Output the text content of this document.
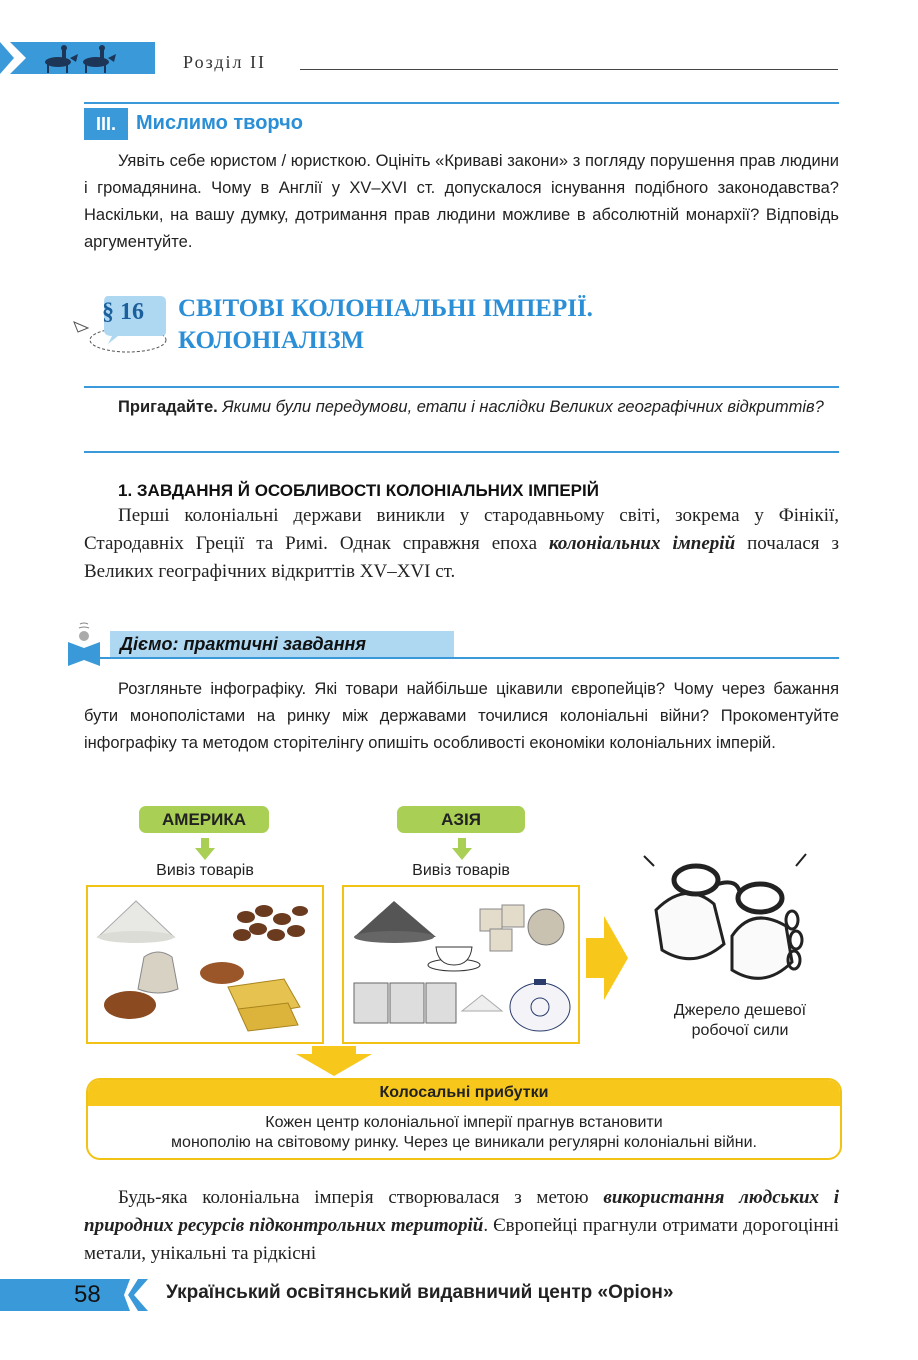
Розділ II
III.	Мислимо творчо
Уявіть себе юристом / юристкою. Оцініть «Криваві закони» з погляду порушення прав людини і громадянина. Чому в Англії у XV–XVI ст. допускалося існування подібного законодавства? Наскільки, на вашу думку, дотримання прав людини можливе в абсолютній монархії? Відповідь аргументуйте.
§ 16 СВІТОВІ КОЛОНІАЛЬНІ ІМПЕРІЇ.
КОЛОНІАЛІЗМ
Пригадайте. Якими були передумови, етапи і наслідки Великих географічних відкриттів?
1. ЗАВДАННЯ Й ОСОБЛИВОСТІ КОЛОНІАЛЬНИХ ІМПЕРІЙ
Перші колоніальні держави виникли у стародавньому світі, зокрема у Фінікії, Стародавніх Греції та Римі. Однак справжня епоха колоніальних імперій почалася з Великих географічних відкриттів XV–XVI ст.
Діємо: практичні завдання
Розгляньте інфографіку. Які товари найбільше цікавили європейців? Чому через бажання бути монополістами на ринку між державами точилися колоніальні війни? Прокоментуйте інфографіку та методом сторітелінгу опишіть особливості економіки колоніальних імперій.
АМЕРИКА	АЗІЯ
Вивіз товарів	Вивіз товарів
Джерело дешевої
робочої сили
Колосальні прибутки
Кожен центр колоніальної імперії прагнув встановити
монополію на світовому ринку. Через це виникали регулярні колоніальні війни.
Будь-яка колоніальна імперія створювалася з метою використання людських і природних ресурсів підконтрольних територій. Європейці прагнули отримати дорогоцінні метали, унікальні та рідкісні
58	Український освітянський видавничий центр «Оріон»
